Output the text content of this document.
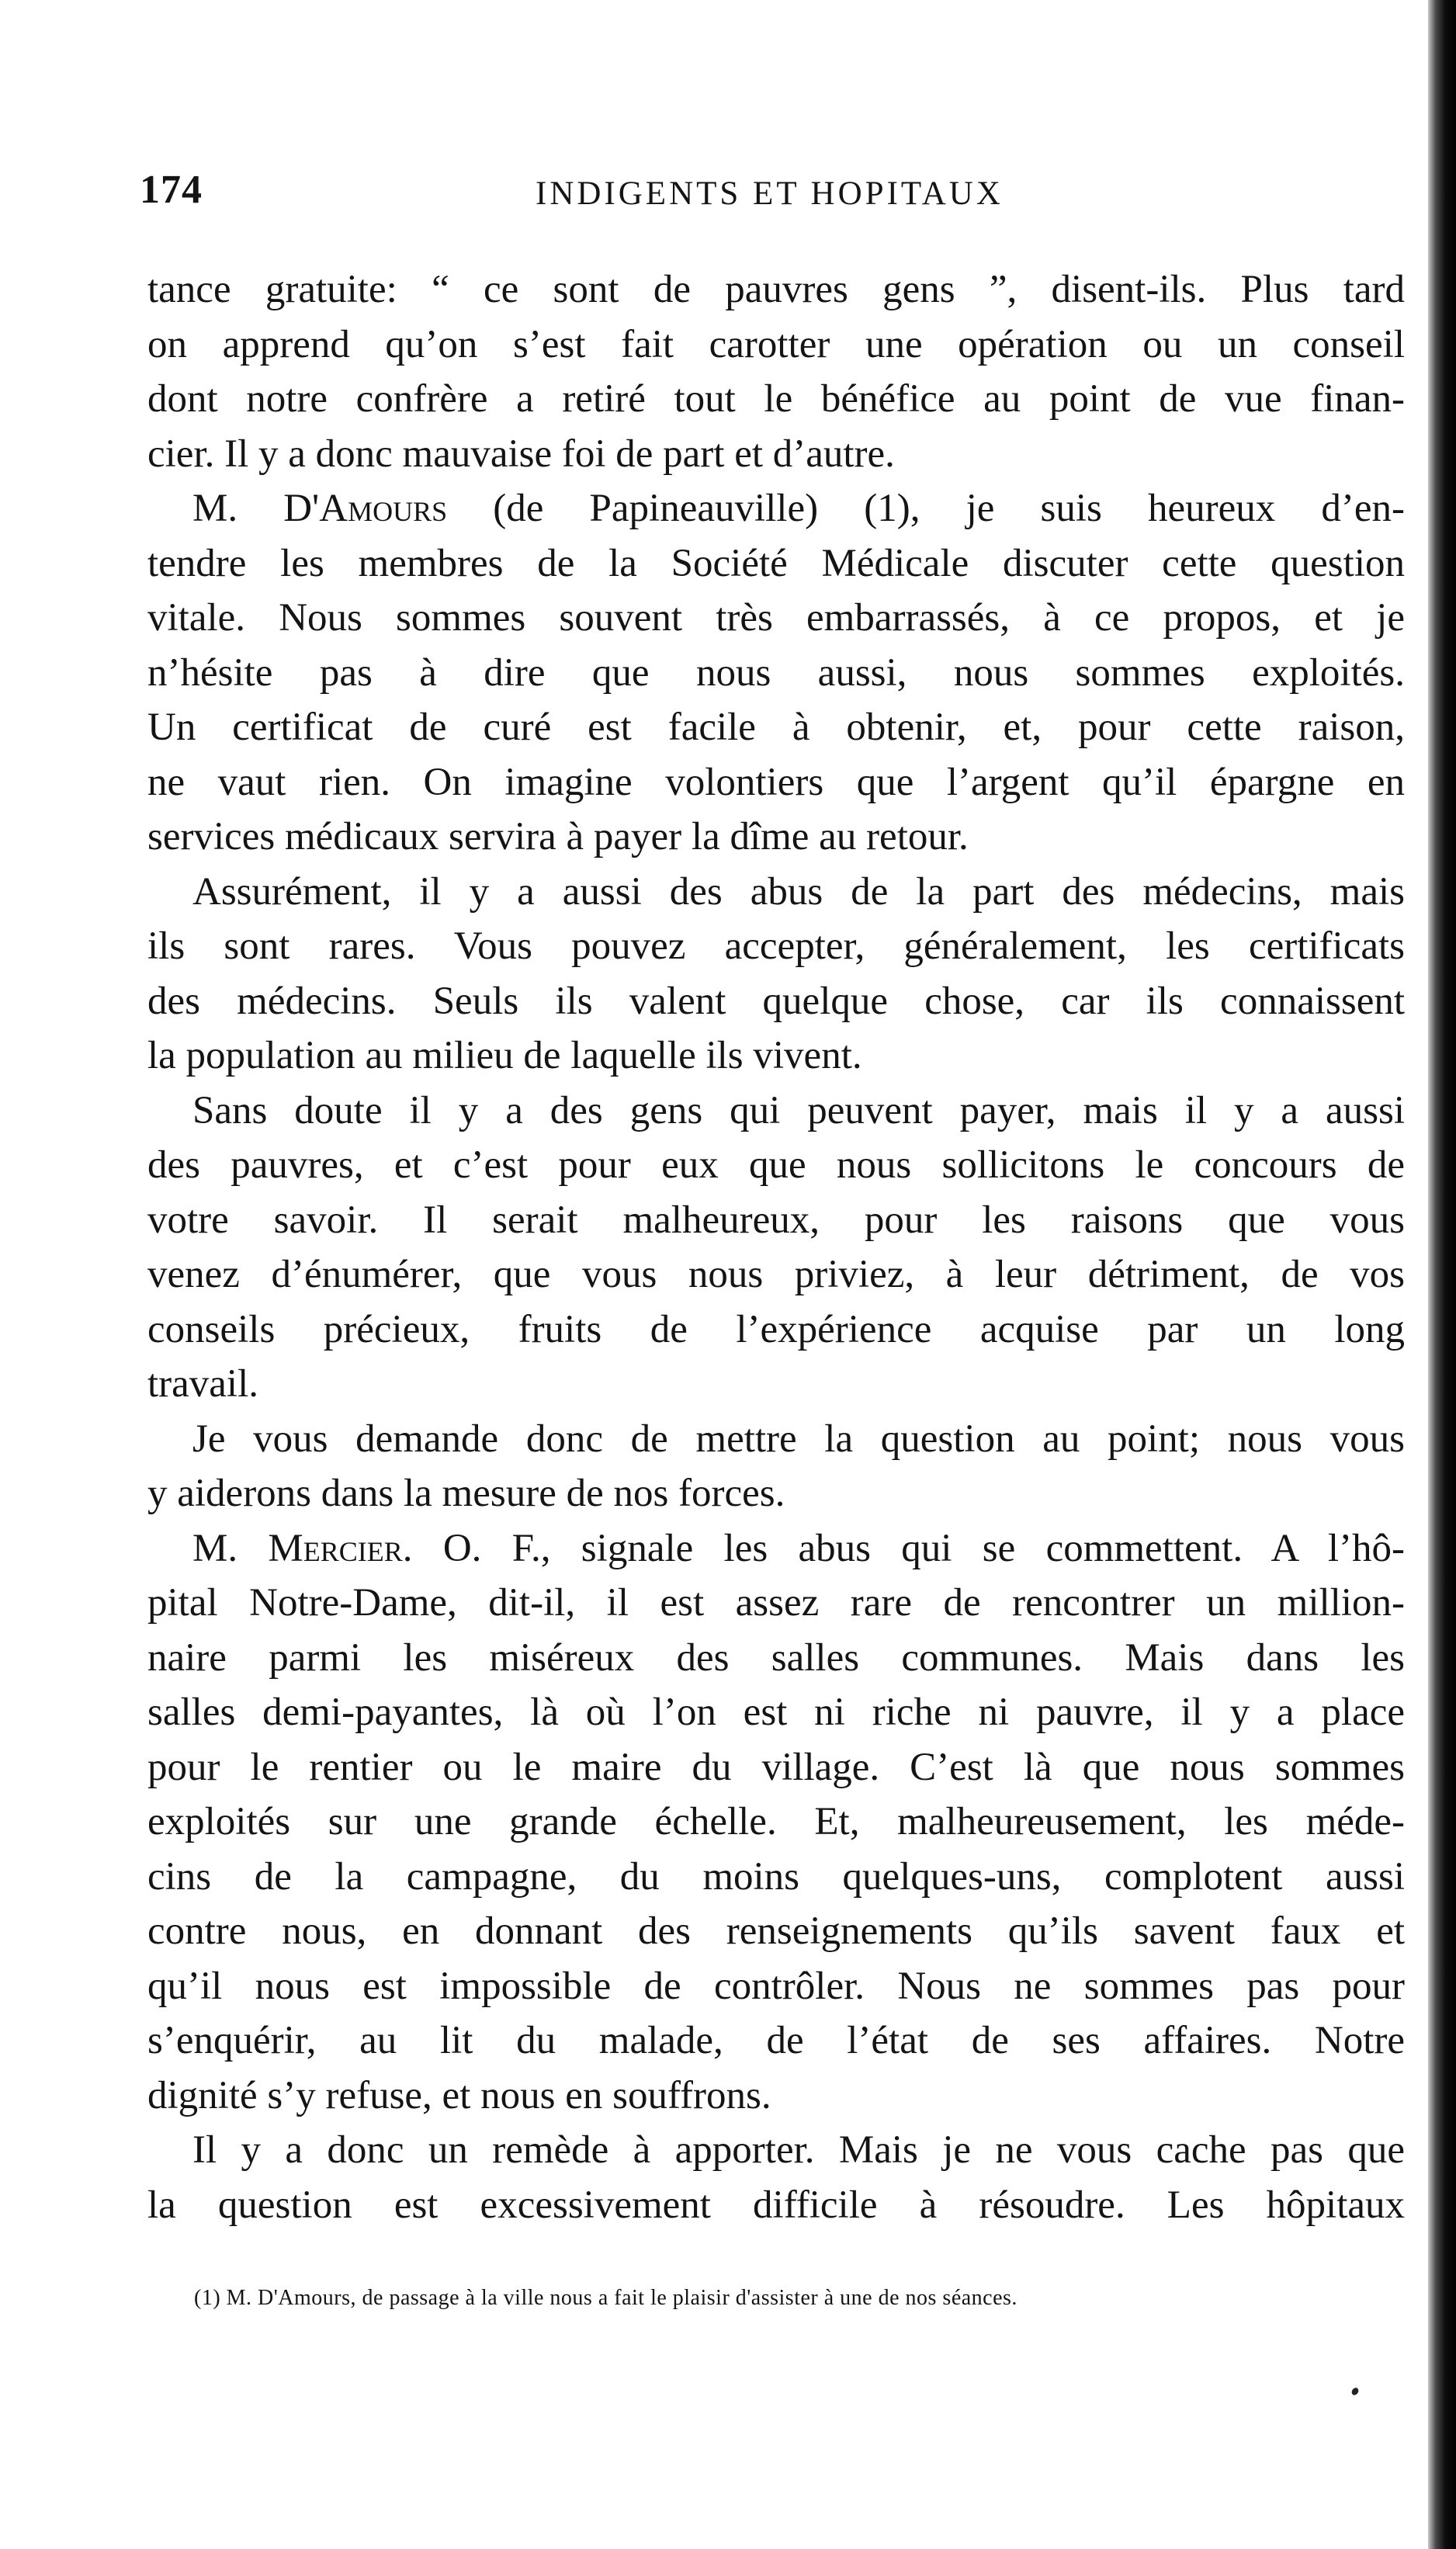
174	INDIGENTS ET HOPITAUX
tance gratuite: “ ce sont de pauvres gens ”, disent-ils. Plus tard
on apprend qu’on s’est fait carotter une opération ou un conseil
dont notre confrère a retiré tout le bénéfice au point de vue finan-
cier. Il y a donc mauvaise foi de part et d’autre.
M. D'Amours (de Papineauville) (1), je suis heureux d’en-
tendre les membres de la Société Médicale discuter cette question
vitale. Nous sommes souvent très embarrassés, à ce propos, et je
n’hésite pas à dire que nous aussi, nous sommes exploités.
Un certificat de curé est facile à obtenir, et, pour cette raison,
ne vaut rien. On imagine volontiers que l’argent qu’il épargne en
services médicaux servira à payer la dîme au retour.
Assurément, il y a aussi des abus de la part des médecins, mais
ils sont rares. Vous pouvez accepter, généralement, les certificats
des médecins. Seuls ils valent quelque chose, car ils connaissent
la population au milieu de laquelle ils vivent.
Sans doute il y a des gens qui peuvent payer, mais il y a aussi
des pauvres, et c’est pour eux que nous sollicitons le concours de
votre savoir. Il serait malheureux, pour les raisons que vous
venez d’énumérer, que vous nous priviez, à leur détriment, de vos
conseils précieux, fruits de l’expérience acquise par un long
travail.
Je vous demande donc de mettre la question au point; nous vous
y aiderons dans la mesure de nos forces.
M. Mercier. O. F., signale les abus qui se commettent. A l’hô-
pital Notre-Dame, dit-il, il est assez rare de rencontrer un million-
naire parmi les miséreux des salles communes. Mais dans les
salles demi-payantes, là où l’on est ni riche ni pauvre, il y a place
pour le rentier ou le maire du village. C’est là que nous sommes
exploités sur une grande échelle. Et, malheureusement, les méde-
cins de la campagne, du moins quelques-uns, complotent aussi
contre nous, en donnant des renseignements qu’ils savent faux et
qu’il nous est impossible de contrôler. Nous ne sommes pas pour
s’enquérir, au lit du malade, de l’état de ses affaires. Notre
dignité s’y refuse, et nous en souffrons.
Il y a donc un remède à apporter. Mais je ne vous cache pas que
la question est excessivement difficile à résoudre. Les hôpitaux
(1) M. D'Amours, de passage à la ville nous a fait le plaisir d'assister à une de nos séances.
